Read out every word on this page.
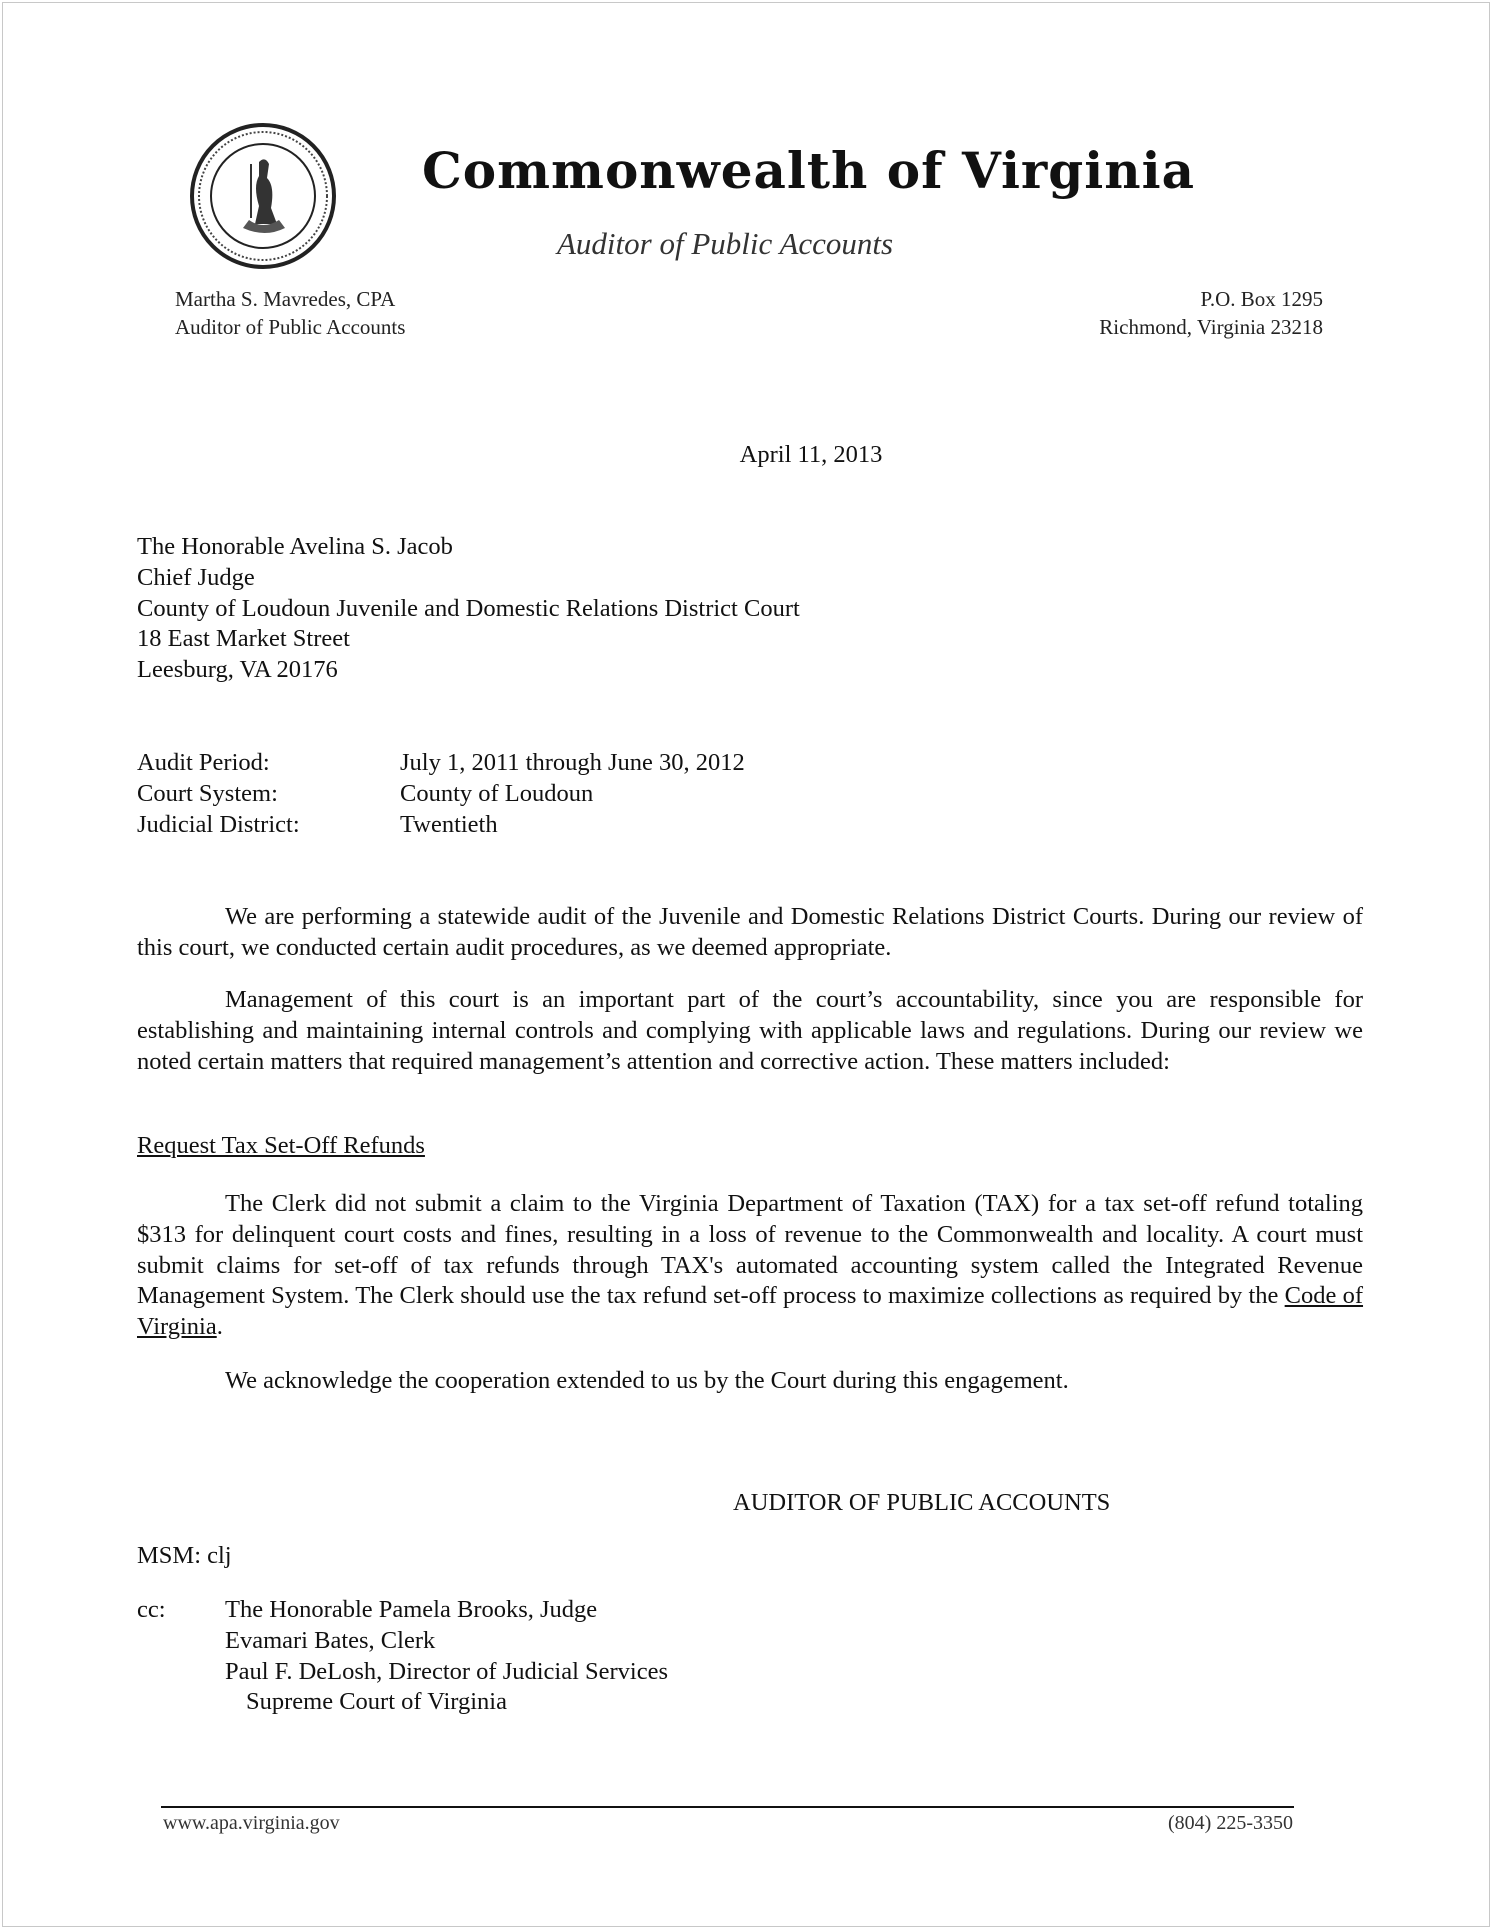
Commonwealth of Virginia
Auditor of Public Accounts
Martha S. Mavredes, CPA
Auditor of Public Accounts
P.O. Box 1295
Richmond, Virginia 23218
April 11, 2013
The Honorable Avelina S. Jacob
Chief Judge
County of Loudoun Juvenile and Domestic Relations District Court
18 East Market Street
Leesburg, VA 20176
Audit Period:	July 1, 2011 through June 30, 2012
Court System:	County of Loudoun
Judicial District:	Twentieth

We are performing a statewide audit of the Juvenile and Domestic Relations District Courts. During our review of this court, we conducted certain audit procedures, as we deemed appropriate.

Management of this court is an important part of the court’s accountability, since you are responsible for establishing and maintaining internal controls and complying with applicable laws and regulations. During our review we noted certain matters that required management’s attention and corrective action. These matters included:

Request Tax Set-Off Refunds

The Clerk did not submit a claim to the Virginia Department of Taxation (TAX) for a tax set-off refund totaling $313 for delinquent court costs and fines, resulting in a loss of revenue to the Commonwealth and locality. A court must submit claims for set-off of tax refunds through TAX's automated accounting system called the Integrated Revenue Management System. The Clerk should use the tax refund set-off process to maximize collections as required by the Code of Virginia.

We acknowledge the cooperation extended to us by the Court during this engagement.

AUDITOR OF PUBLIC ACCOUNTS
MSM: clj
cc:	The Honorable Pamela Brooks, Judge
Evamari Bates, Clerk
Paul F. DeLosh, Director of Judicial Services
Supreme Court of Virginia
www.apa.virginia.gov	(804) 225-3350
